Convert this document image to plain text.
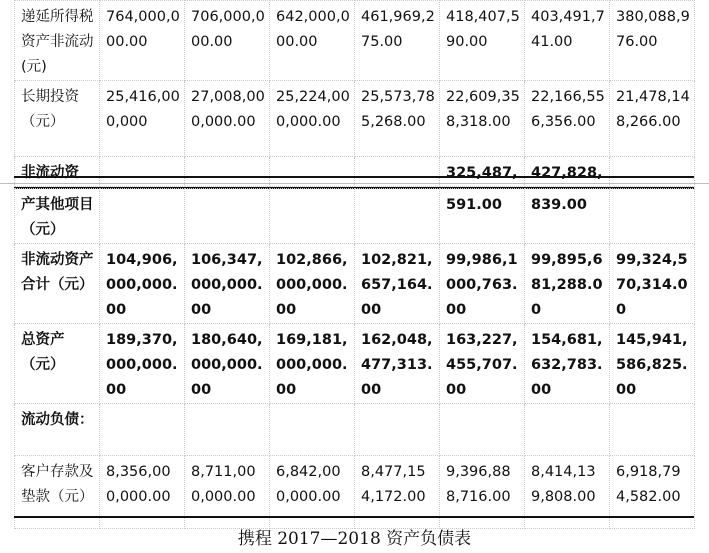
递延所得税资产非流动(元)	764,000,000.00	706,000,000.00	642,000,000.00	461,969,275.00	418,407,590.00	403,491,741.00	380,088,976.00
长期投资（元）	25,416,000,000	27,008,000,000.00	25,224,000,000.00	25,573,785,268.00	22,609,358,318.00	22,166,556,356.00	21,478,148,266.00
非流动资					325,487,	427,828,	
产其他项目（元）					591.00	839.00	
非流动资产合计（元）	104,906,000,000.00	106,347,000,000.00	102,866,000,000.00	102,821,657,164.00	99,986,1000,763.00	99,895,681,288.00	99,324,570,314.00
总资产（元）	189,370,000,000.00	180,640,000,000.00	169,181,000,000.00	162,048,477,313.00	163,227,455,707.00	154,681,632,783.00	145,941,586,825.00
流动负债：							
客户存款及垫款（元）	8,356,000,000.00	8,711,000,000.00	6,842,000,000.00	8,477,154,172.00	9,396,888,716.00	8,414,139,808.00	6,918,794,582.00
携程 2017—2018 资产负债表
